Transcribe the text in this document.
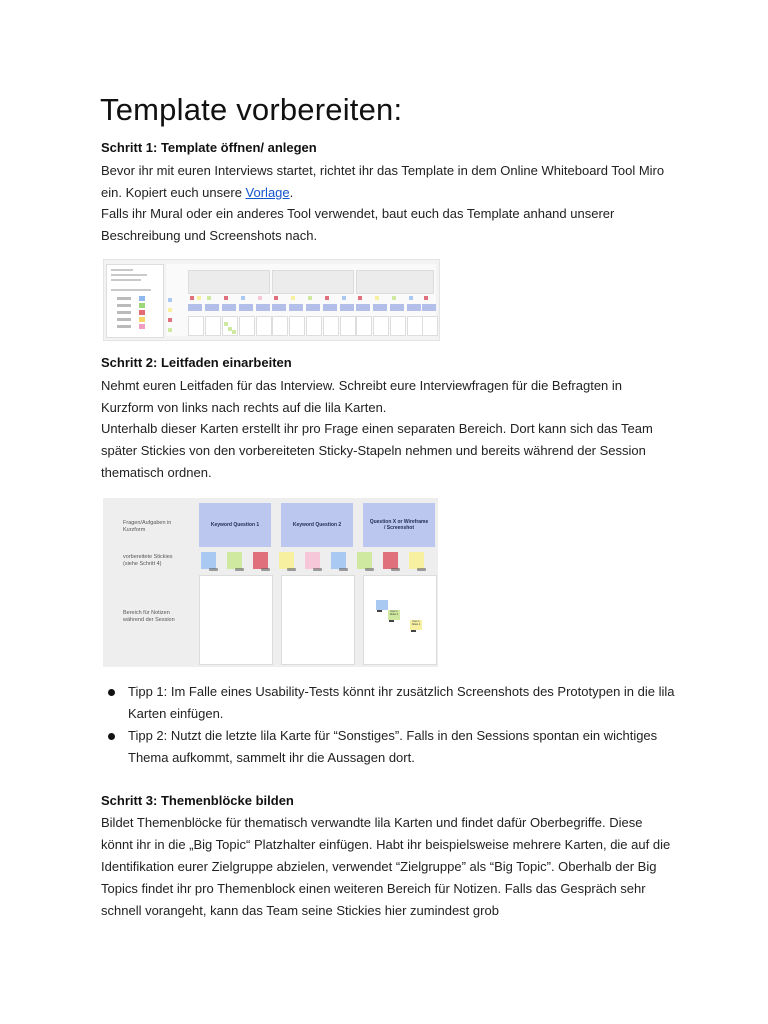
Template vorbereiten:
Schritt 1: Template öffnen/ anlegen
Bevor ihr mit euren Interviews startet, richtet ihr das Template in dem Online Whiteboard Tool Miro ein. Kopiert euch unsere Vorlage.
Falls ihr Mural oder ein anderes Tool verwendet, baut euch das Template anhand unserer Beschreibung und Screenshots nach.
Schritt 2: Leitfaden einarbeiten
Nehmt euren Leitfaden für das Interview. Schreibt eure Interviewfragen für die Befragten in Kurzform von links nach rechts auf die lila Karten.
Unterhalb dieser Karten erstellt ihr pro Frage einen separaten Bereich. Dort kann sich das Team später Stickies von den vorbereiteten Sticky-Stapeln nehmen und bereits während der Session thematisch ordnen.
Fragen/Aufgaben in Kurzform
vorbereitete Stickies (siehe Schritt 4)
Bereich für Notizen während der Session
Keyword Question 1	Keyword Question 2	Question X or Wireframe / Screenshot
User 1 Notes 1
User 1 Notes 1
Tipp 1: Im Falle eines Usability-Tests könnt ihr zusätzlich Screenshots des Prototypen in die lila Karten einfügen.
Tipp 2: Nutzt die letzte lila Karte für “Sonstiges”. Falls in den Sessions spontan ein wichtiges Thema aufkommt, sammelt ihr die Aussagen dort.
Schritt 3: Themenblöcke bilden
Bildet Themenblöcke für thematisch verwandte lila Karten und findet dafür Oberbegriffe. Diese könnt ihr in die „Big Topic“ Platzhalter einfügen. Habt ihr beispielsweise mehrere Karten, die auf die Identifikation eurer Zielgruppe abzielen, verwendet “Zielgruppe” als “Big Topic”. Oberhalb der Big Topics findet ihr pro Themenblock einen weiteren Bereich für Notizen. Falls das Gespräch sehr schnell vorangeht, kann das Team seine Stickies hier zumindest grob
